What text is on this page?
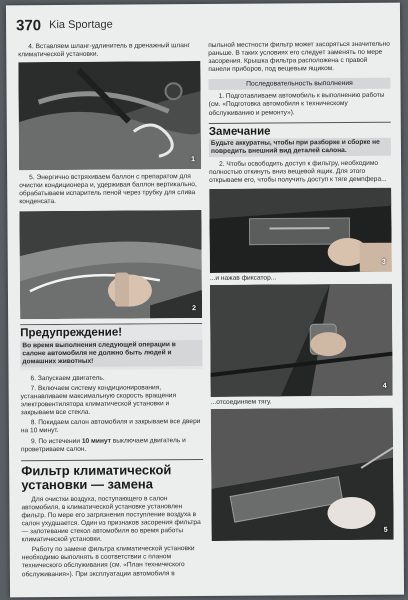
370 Kia Sportage

4. Вставляем шланг-удлинитель в дренажный шланг климатической установки.

1

5. Энергично встряхиваем баллон с препаратом для очистки кондиционера и, удерживая баллон вертикально, обрабатываем испаритель пеной через трубку для слива конденсата.

2

Предупреждение!

Во время выполнения следующей операции в салоне автомобиля не должно быть людей и домашних животных!

6. Запускаем двигатель.

7. Включаем систему кондиционирования, устанавливаем максимальную скорость вращения электровентилятора климатической установки и закрываем все стекла.

8. Покидаем салон автомобиля и закрываем все двери на 10 минут.

9. По истечении 10 минут выключаем двигатель и проветриваем салон.

Фильтр климатической установки — замена

Для очистки воздуха, поступающего в салон автомобиля, в климатической установке установлен фильтр. По мере его загрязнения поступление воздуха в салон ухудшается. Один из признаков засорения фильтра — запотевание стекол автомобиля во время работы климатической установки.

Работу по замене фильтра климатической установки необходимо выполнять в соответствии с планом технического обслуживания (см. «План технического обслуживания»). При эксплуатации автомобиля в

пыльной местности фильтр может засоряться значительно раньше. В таких условиях его следует заменять по мере засорения. Крышка фильтра расположена с правой панели приборов, под вещевым ящиком.

Последовательность выполнения

1. Подготавливаем автомобиль к выполнению работы (см. «Подготовка автомобиля к техническому обслуживанию и ремонту»).

Замечание

Будьте аккуратны, чтобы при разборке и сборке не повредить внешний вид деталей салона.

2. Чтобы освободить доступ к фильтру, необходимо полностью откинуть вниз вещевой ящик. Для этого открываем его, чтобы получить доступ к тяге демпфера...

3

...и нажав фиксатор...

4

...отсоединяем тягу.

5
